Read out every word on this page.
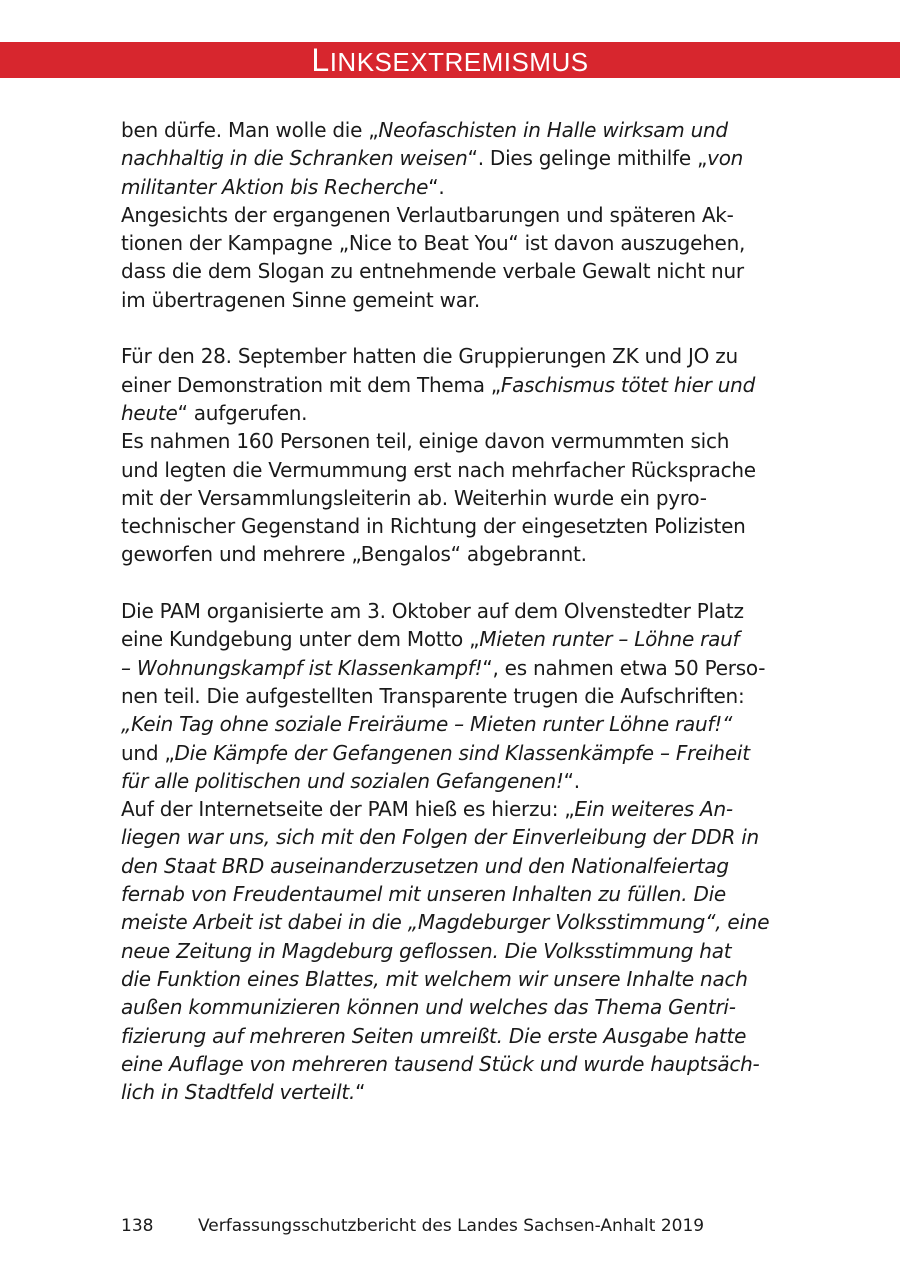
LINKSEXTREMISMUS

ben dürfe. Man wolle die „Neofaschisten in Halle wirksam und
nachhaltig in die Schranken weisen“. Dies gelinge mithilfe „von
militanter Aktion bis Recherche“.
Angesichts der ergangenen Verlautbarungen und späteren Ak-
tionen der Kampagne „Nice to Beat You“ ist davon auszugehen,
dass die dem Slogan zu entnehmende verbale Gewalt nicht nur
im übertragenen Sinne gemeint war.

Für den 28. September hatten die Gruppierungen ZK und JO zu
einer Demonstration mit dem Thema „Faschismus tötet hier und
heute“ aufgerufen.
Es nahmen 160 Personen teil, einige davon vermummten sich
und legten die Vermummung erst nach mehrfacher Rücksprache
mit der Versammlungsleiterin ab. Weiterhin wurde ein pyro-
technischer Gegenstand in Richtung der eingesetzten Polizisten
geworfen und mehrere „Bengalos“ abgebrannt.

Die PAM organisierte am 3. Oktober auf dem Olvenstedter Platz
eine Kundgebung unter dem Motto „Mieten runter – Löhne rauf
– Wohnungskampf ist Klassenkampf!“, es nahmen etwa 50 Perso-
nen teil. Die aufgestellten Transparente trugen die Aufschriften:
„Kein Tag ohne soziale Freiräume – Mieten runter Löhne rauf!“
und „Die Kämpfe der Gefangenen sind Klassenkämpfe – Freiheit
für alle politischen und sozialen Gefangenen!“.
Auf der Internetseite der PAM hieß es hierzu: „Ein weiteres An-
liegen war uns, sich mit den Folgen der Einverleibung der DDR in
den Staat BRD auseinanderzusetzen und den Nationalfeiertag
fernab von Freudentaumel mit unseren Inhalten zu füllen. Die
meiste Arbeit ist dabei in die „Magdeburger Volksstimmung“, eine
neue Zeitung in Magdeburg geflossen. Die Volksstimmung hat
die Funktion eines Blattes, mit welchem wir unsere Inhalte nach
außen kommunizieren können und welches das Thema Gentri-
fizierung auf mehreren Seiten umreißt. Die erste Ausgabe hatte
eine Auflage von mehreren tausend Stück und wurde hauptsäch-
lich in Stadtfeld verteilt.“

138	Verfassungsschutzbericht des Landes Sachsen-Anhalt 2019
